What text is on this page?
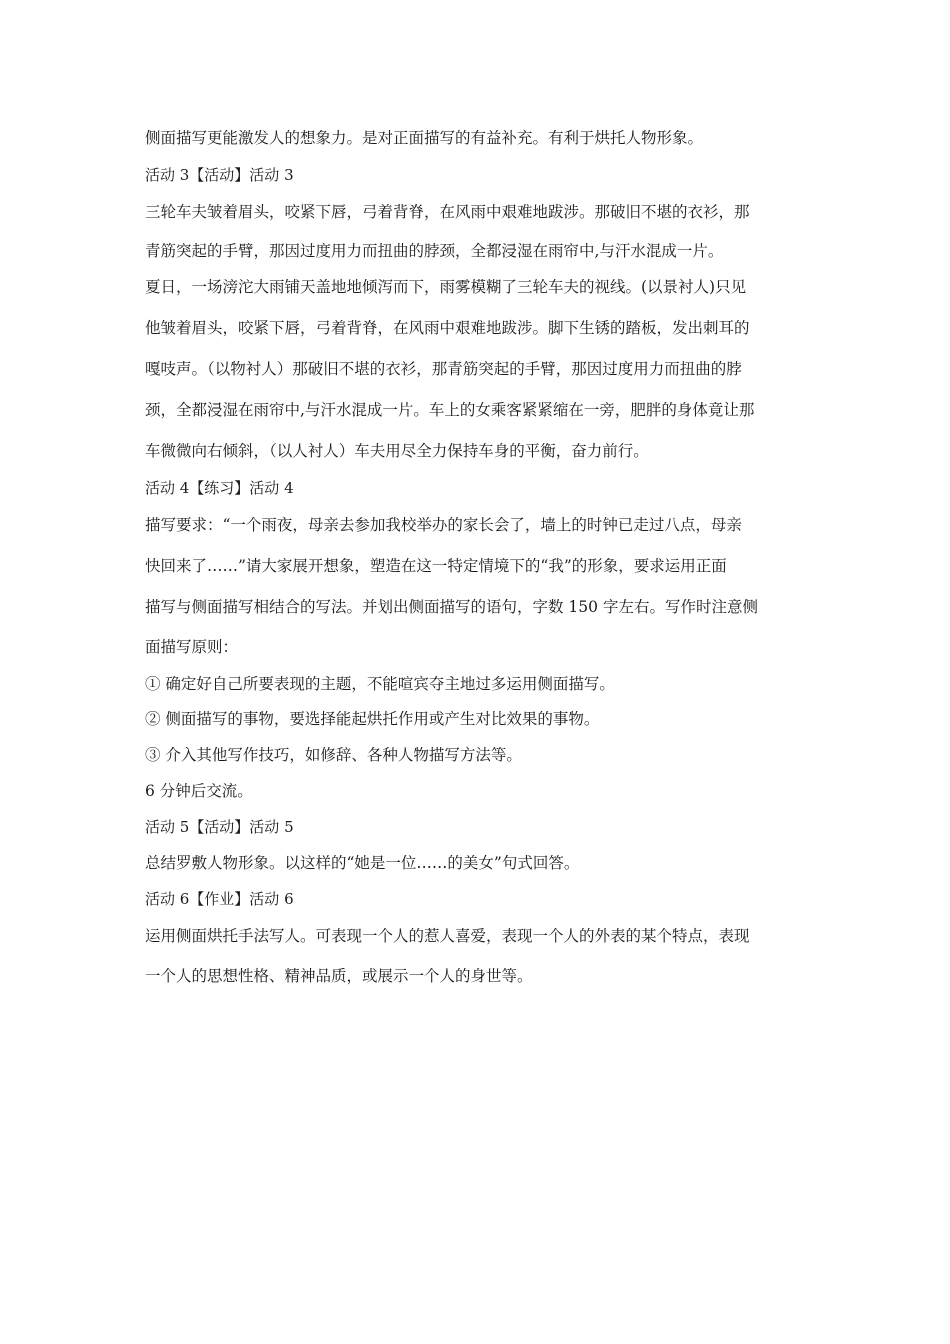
侧面描写更能激发人的想象力。是对正面描写的有益补充。有利于烘托人物形象。
活动 3【活动】活动 3
三轮车夫皱着眉头，咬紧下唇，弓着背脊，在风雨中艰难地跋涉。那破旧不堪的衣衫，那
青筋突起的手臂，那因过度用力而扭曲的脖颈，全都浸湿在雨帘中,与汗水混成一片。
夏日，一场滂沱大雨铺天盖地地倾泻而下，雨雾模糊了三轮车夫的视线。(以景衬人)只见
他皱着眉头，咬紧下唇，弓着背脊，在风雨中艰难地跋涉。脚下生锈的踏板，发出刺耳的
嘎吱声。（以物衬人）那破旧不堪的衣衫，那青筋突起的手臂，那因过度用力而扭曲的脖
颈，全都浸湿在雨帘中,与汗水混成一片。车上的女乘客紧紧缩在一旁，肥胖的身体竟让那
车微微向右倾斜，（以人衬人）车夫用尽全力保持车身的平衡，奋力前行。
活动 4【练习】活动 4
描写要求：“一个雨夜，母亲去参加我校举办的家长会了，墙上的时钟已走过八点，母亲
快回来了……”请大家展开想象，塑造在这一特定情境下的“我”的形象，要求运用正面
描写与侧面描写相结合的写法。并划出侧面描写的语句，字数 150 字左右。写作时注意侧
面描写原则：
① 确定好自己所要表现的主题，不能喧宾夺主地过多运用侧面描写。
② 侧面描写的事物，要选择能起烘托作用或产生对比效果的事物。
③ 介入其他写作技巧，如修辞、各种人物描写方法等。
6 分钟后交流。
活动 5【活动】活动 5
总结罗敷人物形象。以这样的“她是一位……的美女”句式回答。
活动 6【作业】活动 6
运用侧面烘托手法写人。可表现一个人的惹人喜爱，表现一个人的外表的某个特点，表现
一个人的思想性格、精神品质，或展示一个人的身世等。
